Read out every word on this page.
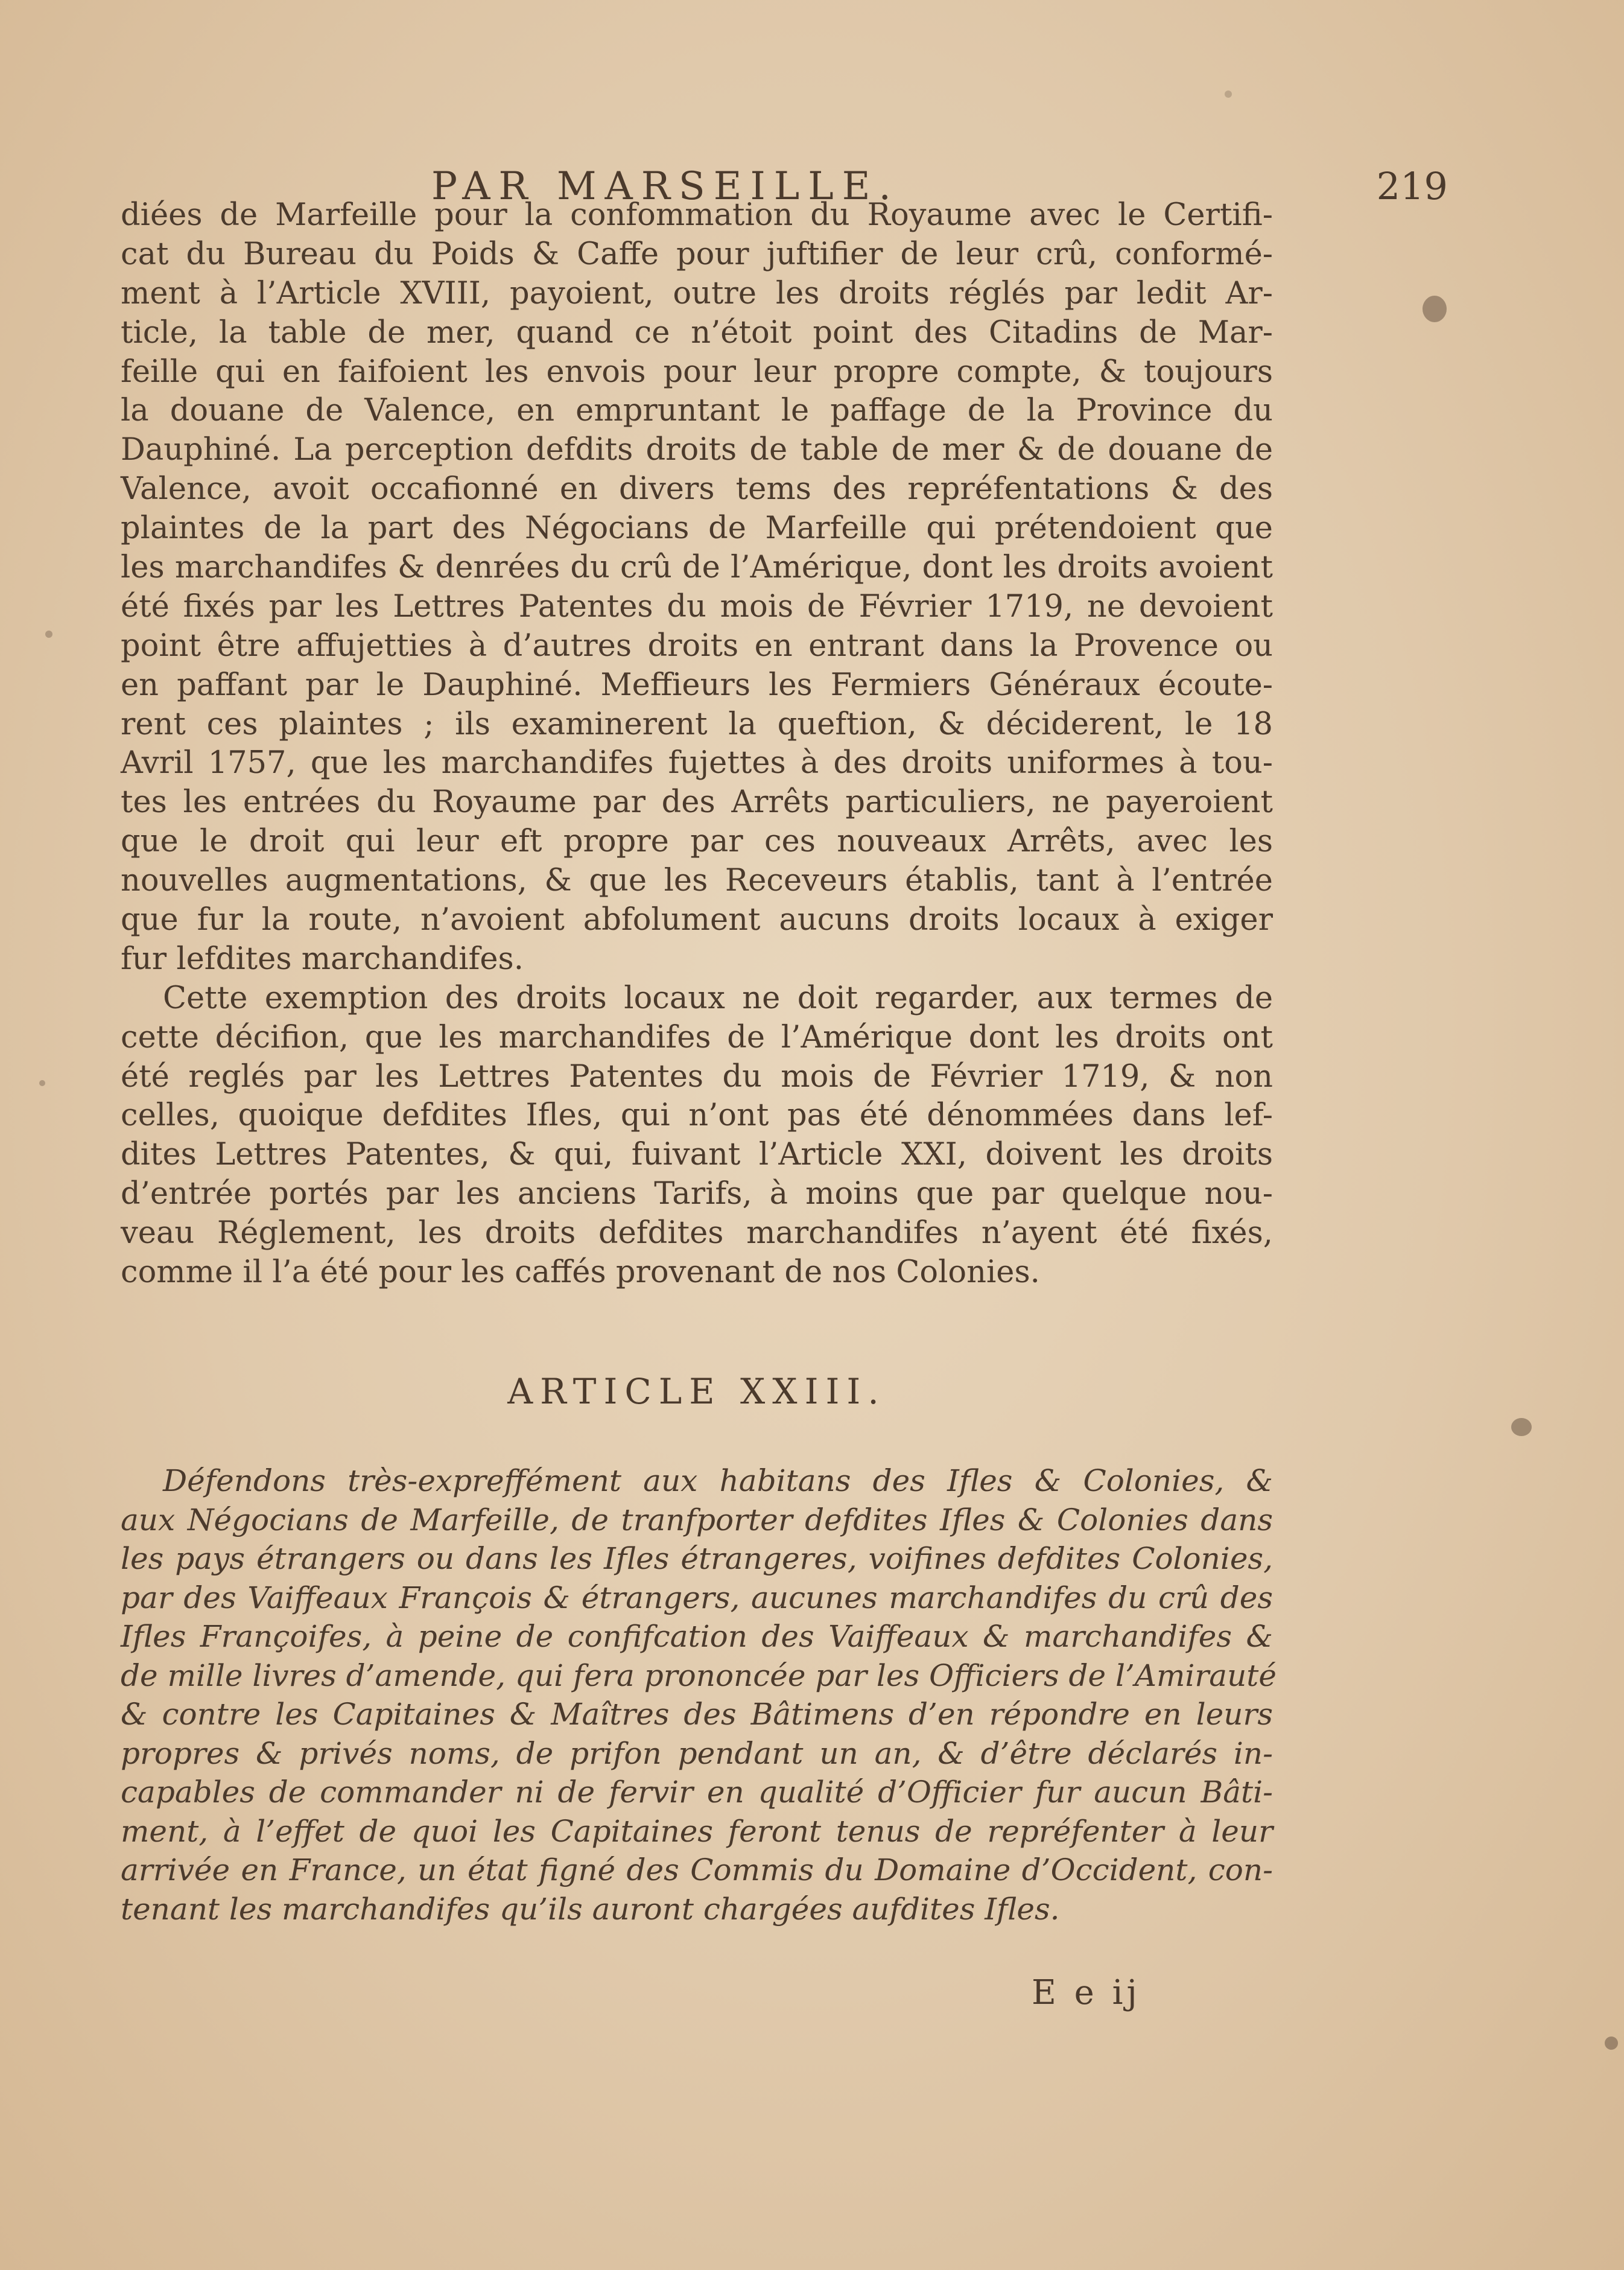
PAR MARSEILLE.	219
diées de Marfeille pour la confommation du Royaume avec le Certifi-
cat du Bureau du Poids & Caffe pour juftifier de leur crû, conformé-
ment à l’Article XVIII, payoient, outre les droits réglés par ledit Ar-
ticle, la table de mer, quand ce n’étoit point des Citadins de Mar-
feille qui en faifoient les envois pour leur propre compte, & toujours
la douane de Valence, en empruntant le paffage de la Province du
Dauphiné. La perception defdits droits de table de mer & de douane de
Valence, avoit occafionné en divers tems des repréfentations & des
plaintes de la part des Négocians de Marfeille qui prétendoient que
les marchandifes & denrées du crû de l’Amérique, dont les droits avoient
été fixés par les Lettres Patentes du mois de Février 1719, ne devoient
point être affujetties à d’autres droits en entrant dans la Provence ou
en paffant par le Dauphiné. Meffieurs les Fermiers Généraux écoute-
rent ces plaintes ; ils examinerent la queftion, & déciderent, le 18
Avril 1757, que les marchandifes fujettes à des droits uniformes à tou-
tes les entrées du Royaume par des Arrêts particuliers, ne payeroient
que le droit qui leur eft propre par ces nouveaux Arrêts, avec les
nouvelles augmentations, & que les Receveurs établis, tant à l’entrée
que fur la route, n’avoient abfolument aucuns droits locaux à exiger
fur lefdites marchandifes.
Cette exemption des droits locaux ne doit regarder, aux termes de
cette décifion, que les marchandifes de l’Amérique dont les droits ont
été reglés par les Lettres Patentes du mois de Février 1719, & non
celles, quoique defdites Ifles, qui n’ont pas été dénommées dans lef-
dites Lettres Patentes, & qui, fuivant l’Article XXI, doivent les droits
d’entrée portés par les anciens Tarifs, à moins que par quelque nou-
veau Réglement, les droits defdites marchandifes n’ayent été fixés,
comme il l’a été pour les caffés provenant de nos Colonies.
ARTICLE XXIII.
Défendons très-expreffément aux habitans des Ifles & Colonies, &
aux Négocians de Marfeille, de tranfporter defdites Ifles & Colonies dans
les pays étrangers ou dans les Ifles étrangeres, voifines defdites Colonies,
par des Vaiffeaux François & étrangers, aucunes marchandifes du crû des
Ifles Françoifes, à peine de confifcation des Vaiffeaux & marchandifes &
de mille livres d’amende, qui fera prononcée par les Officiers de l’Amirauté
& contre les Capitaines & Maîtres des Bâtimens d’en répondre en leurs
propres & privés noms, de prifon pendant un an, & d’être déclarés in-
capables de commander ni de fervir en qualité d’Officier fur aucun Bâti-
ment, à l’effet de quoi les Capitaines feront tenus de repréfenter à leur
arrivée en France, un état figné des Commis du Domaine d’Occident, con-
tenant les marchandifes qu’ils auront chargées aufdites Ifles.
E e ij
